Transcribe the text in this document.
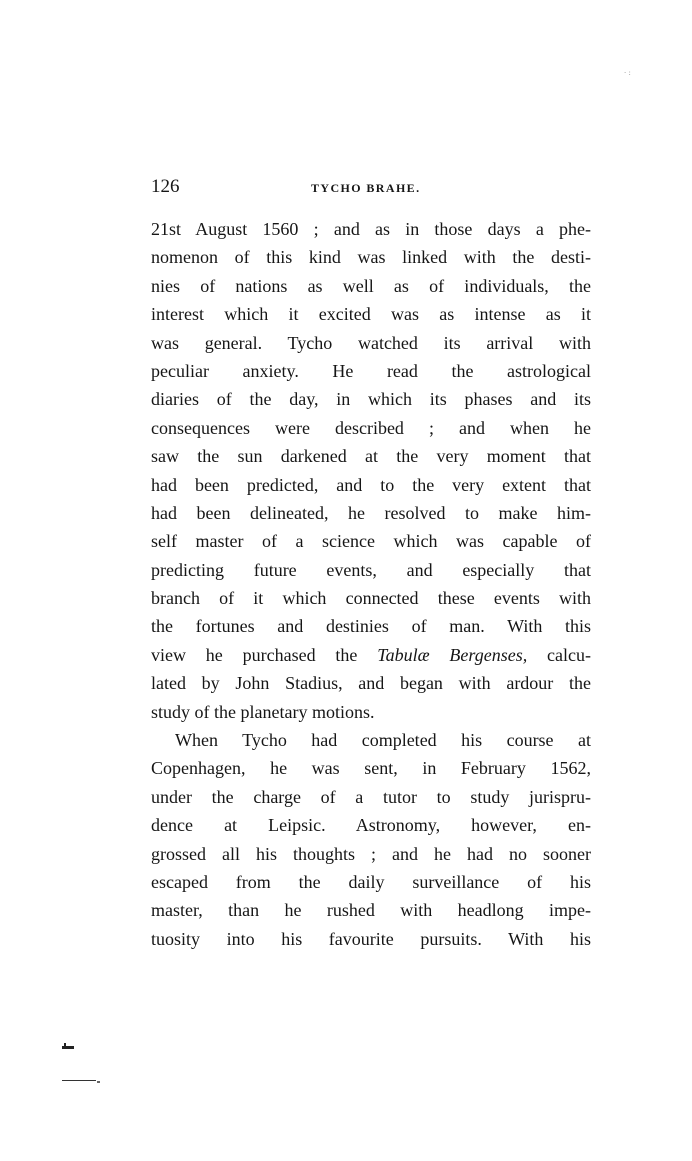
· :
126	TYCHO BRAHE.
21st August 1560 ; and as in those days a phe-
nomenon of this kind was linked with the desti-
nies of nations as well as of individuals, the
interest which it excited was as intense as it
was general. Tycho watched its arrival with
peculiar anxiety. He read the astrological
diaries of the day, in which its phases and its
consequences were described ; and when he
saw the sun darkened at the very moment that
had been predicted, and to the very extent that
had been delineated, he resolved to make him-
self master of a science which was capable of
predicting future events, and especially that
branch of it which connected these events with
the fortunes and destinies of man. With this
view he purchased the Tabulæ Bergenses, calcu-
lated by John Stadius, and began with ardour the
study of the planetary motions.
When Tycho had completed his course at
Copenhagen, he was sent, in February 1562,
under the charge of a tutor to study jurispru-
dence at Leipsic. Astronomy, however, en-
grossed all his thoughts ; and he had no sooner
escaped from the daily surveillance of his
master, than he rushed with headlong impe-
tuosity into his favourite pursuits. With his
